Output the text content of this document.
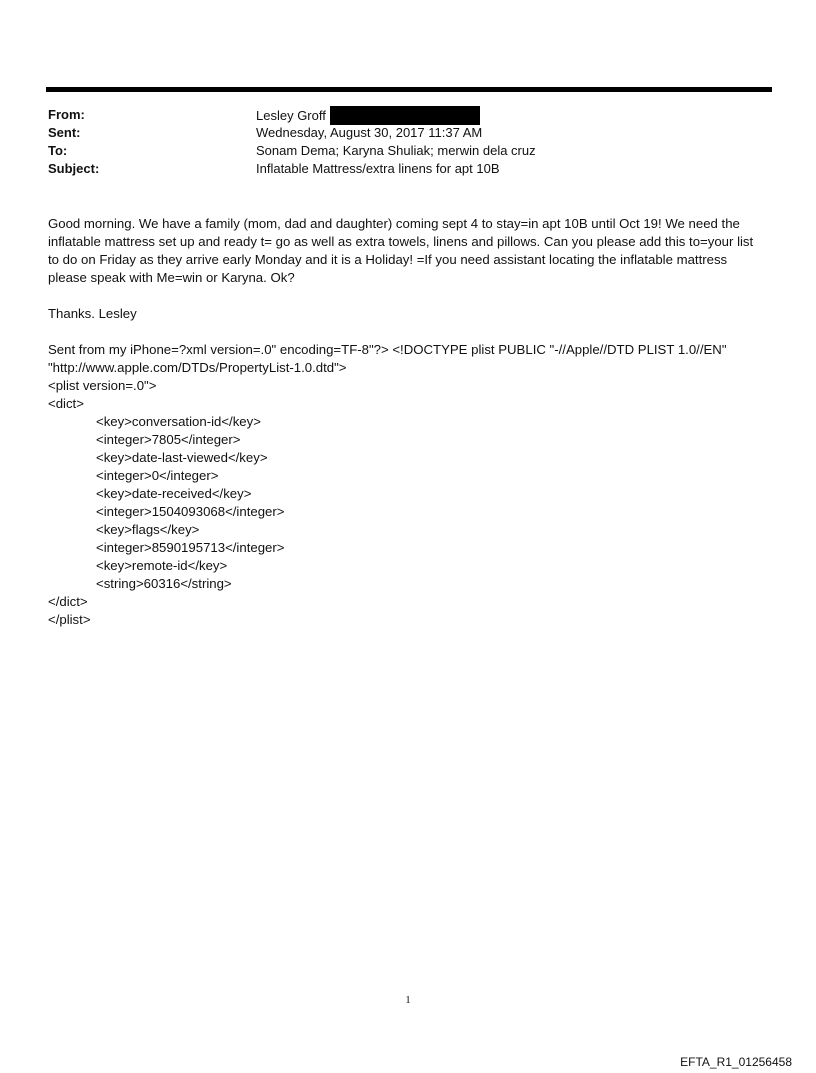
From:	Lesley Groff
Sent:	Wednesday, August 30, 2017 11:37 AM
To:	Sonam Dema; Karyna Shuliak; merwin dela cruz
Subject:	Inflatable Mattress/extra linens for apt 10B

Good morning. We have a family (mom, dad and daughter) coming sept 4 to stay=in apt 10B until Oct 19! We need the

inflatable mattress set up and ready t= go as well as extra towels, linens and pillows. Can you please add this to=your list

to do on Friday as they arrive early Monday and it is a Holiday! =If you need assistant locating the inflatable mattress

please speak with Me=win or Karyna. Ok?

Thanks. Lesley

Sent from my iPhone=?xml version=.0" encoding=TF-8"?> <!DOCTYPE plist PUBLIC "-//Apple//DTD PLIST 1.0//EN"

"http://www.apple.com/DTDs/PropertyList-1.0.dtd">

<plist version=.0">

<dict>

<key>conversation-id</key>

<integer>7805</integer>

<key>date-last-viewed</key>

<integer>0</integer>

<key>date-received</key>

<integer>1504093068</integer>

<key>flags</key>

<integer>8590195713</integer>

<key>remote-id</key>

<string>60316</string>

</dict>

</plist>

1
EFTA_R1_01256458
